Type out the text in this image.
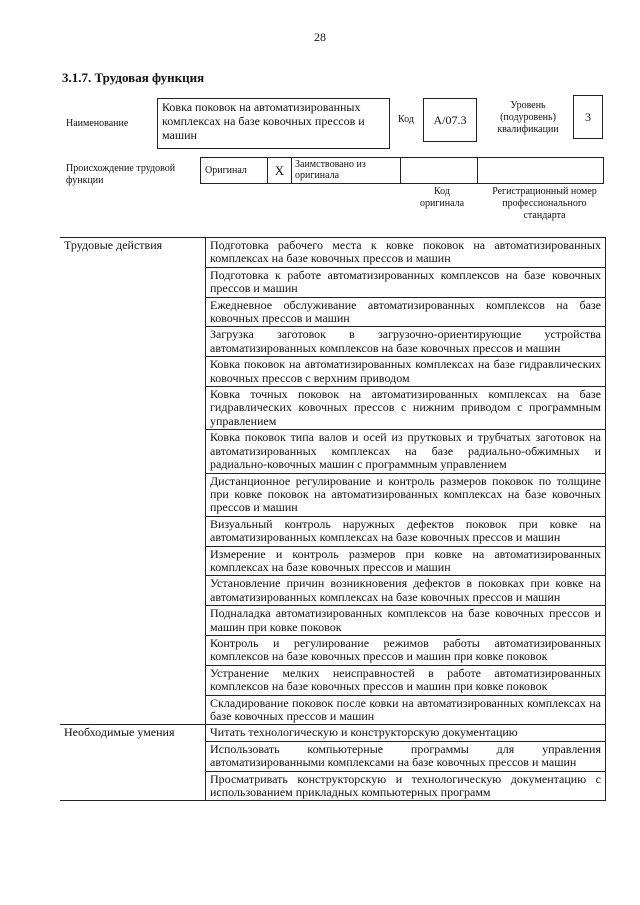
28
3.1.7. Трудовая функция
Наименование
Ковка поковок на автоматизированных комплексах на базе ковочных прессов и машин
Код	А/07.3
Уровень (подуровень) квалификации
3
Происхождение трудовой функции
Оригинал	Х	Заимствовано из оригинала
Код оригинала
Регистрационный номер профессионального стандарта
Трудовые действия	Подготовка рабочего места к ковке поковок на автоматизированных комплексах на базе ковочных прессов и машин
	Подготовка к работе автоматизированных комплексов на базе ковочных прессов и машин
	Ежедневное обслуживание автоматизированных комплексов на базе ковочных прессов и машин
	Загрузка заготовок в загрузочно-ориентирующие устройства автоматизированных комплексов на базе ковочных прессов и машин
	Ковка поковок на автоматизированных комплексах на базе гидравлических ковочных прессов с верхним приводом
	Ковка точных поковок на автоматизированных комплексах на базе гидравлических ковочных прессов с нижним приводом с программным управлением
	Ковка поковок типа валов и осей из прутковых и трубчатых заготовок на автоматизированных комплексах на базе радиально-обжимных и радиально-ковочных машин с программным управлением
	Дистанционное регулирование и контроль размеров поковок по толщине при ковке поковок на автоматизированных комплексах на базе ковочных прессов и машин
	Визуальный контроль наружных дефектов поковок при ковке на автоматизированных комплексах на базе ковочных прессов и машин
	Измерение и контроль размеров при ковке на автоматизированных комплексах на базе ковочных прессов и машин
	Установление причин возникновения дефектов в поковках при ковке на автоматизированных комплексах на базе ковочных прессов и машин
	Подналадка автоматизированных комплексов на базе ковочных прессов и машин при ковке поковок
	Контроль и регулирование режимов работы автоматизированных комплексов на базе ковочных прессов и машин при ковке поковок
	Устранение мелких неисправностей в работе автоматизированных комплексов на базе ковочных прессов и машин при ковке поковок
	Складирование поковок после ковки на автоматизированных комплексах на базе ковочных прессов и машин
Необходимые умения	Читать технологическую и конструкторскую документацию
	Использовать компьютерные программы для управления автоматизированными комплексами на базе ковочных прессов и машин
	Просматривать конструкторскую и технологическую документацию с использованием прикладных компьютерных программ
